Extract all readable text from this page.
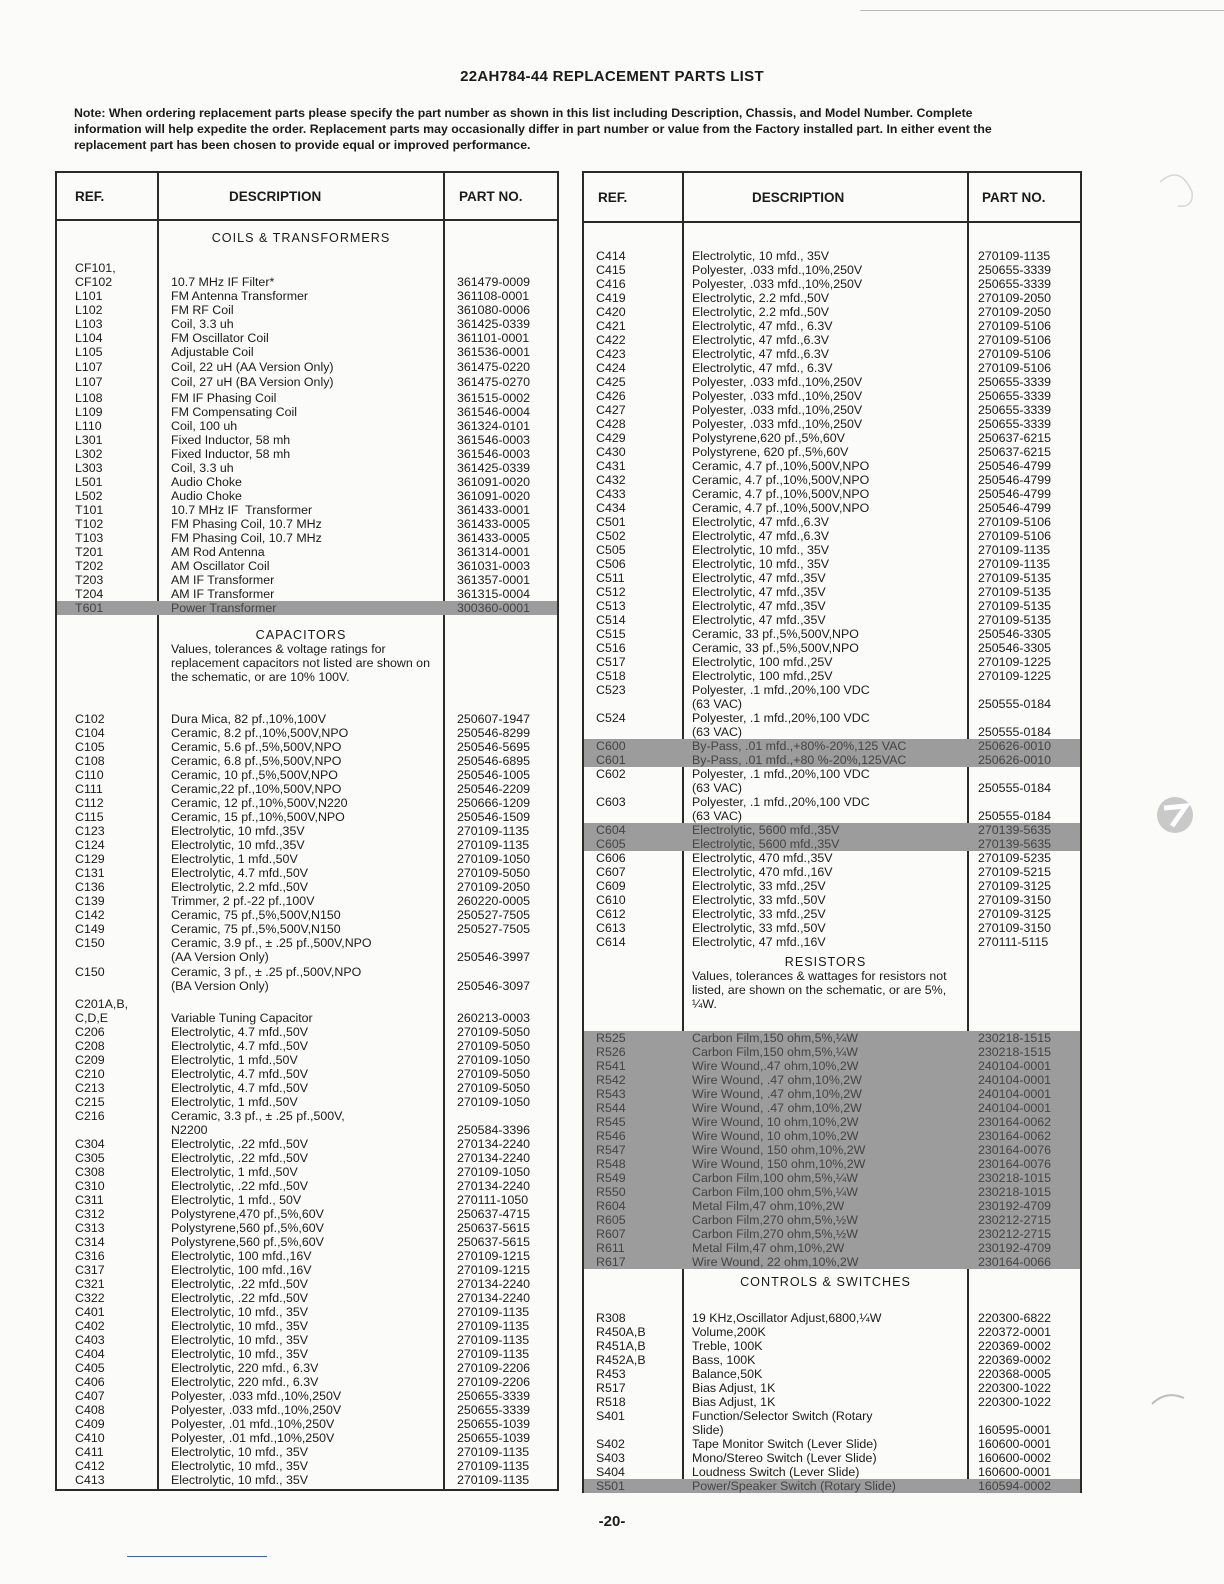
22AH784-44 REPLACEMENT PARTS LIST
Note: When ordering replacement parts please specify the part number as shown in this list including Description, Chassis, and Model Number. Complete information will help expedite the order. Replacement parts may occasionally differ in part number or value from the Factory installed part. In either event the replacement part has been chosen to provide equal or improved performance.
REF.	DESCRIPTION	PART NO.
COILS & TRANSFORMERS
CAPACITORS
Values, tolerances & voltage ratings for replacement capacitors not listed are shown on the schematic, or are 10% 100V.
CF101,
CF102	10.7 MHz IF Filter*	361479-0009
L101	FM Antenna Transformer	361108-0001
L102	FM RF Coil	361080-0006
L103	Coil, 3.3 uh	361425-0339
L104	FM Oscillator Coil	361101-0001
L105	Adjustable Coil	361536-0001
L107	Coil, 22 uH (AA Version Only)	361475-0220
L107	Coil, 27 uH (BA Version Only)	361475-0270
L108	FM IF Phasing Coil	361515-0002
L109	FM Compensating Coil	361546-0004
L110	Coil, 100 uh	361324-0101
L301	Fixed Inductor, 58 mh	361546-0003
L302	Fixed Inductor, 58 mh	361546-0003
L303	Coil, 3.3 uh	361425-0339
L501	Audio Choke	361091-0020
L502	Audio Choke	361091-0020
T101	10.7 MHz IF  Transformer	361433-0001
T102	FM Phasing Coil, 10.7 MHz	361433-0005
T103	FM Phasing Coil, 10.7 MHz	361433-0005
T201	AM Rod Antenna	361314-0001
T202	AM Oscillator Coil	361031-0003
T203	AM IF Transformer	361357-0001
T204	AM IF Transformer	361315-0004
T601	Power Transformer	300360-0001
C102	Dura Mica, 82 pf.,10%,100V	250607-1947
C104	Ceramic, 8.2 pf.,10%,500V,NPO	250546-8299
C105	Ceramic, 5.6 pf.,5%,500V,NPO	250546-5695
C108	Ceramic, 6.8 pf.,5%,500V,NPO	250546-6895
C110	Ceramic, 10 pf.,5%,500V,NPO	250546-1005
C111	Ceramic,22 pf.,10%,500V,NPO	250546-2209
C112	Ceramic, 12 pf.,10%,500V,N220	250666-1209
C115	Ceramic, 15 pf.,10%,500V,NPO	250546-1509
C123	Electrolytic, 10 mfd.,35V	270109-1135
C124	Electrolytic, 10 mfd.,35V	270109-1135
C129	Electrolytic, 1 mfd.,50V	270109-1050
C131	Electrolytic, 4.7 mfd.,50V	270109-5050
C136	Electrolytic, 2.2 mfd.,50V	270109-2050
C139	Trimmer, 2 pf.-22 pf.,100V	260220-0005
C142	Ceramic, 75 pf.,5%,500V,N150	250527-7505
C149	Ceramic, 75 pf.,5%,500V,N150	250527-7505
C150	Ceramic, 3.9 pf., ± .25 pf.,500V,NPO
(AA Version Only)	250546-3997
C150	Ceramic, 3 pf., ± .25 pf.,500V,NPO
(BA Version Only)	250546-3097
C201A,B,
C,D,E	Variable Tuning Capacitor	260213-0003
C206	Electrolytic, 4.7 mfd.,50V	270109-5050
C208	Electrolytic, 4.7 mfd.,50V	270109-5050
C209	Electrolytic, 1 mfd.,50V	270109-1050
C210	Electrolytic, 4.7 mfd.,50V	270109-5050
C213	Electrolytic, 4.7 mfd.,50V	270109-5050
C215	Electrolytic, 1 mfd.,50V	270109-1050
C216	Ceramic, 3.3 pf., ± .25 pf.,500V,
N2200	250584-3396
C304	Electrolytic, .22 mfd.,50V	270134-2240
C305	Electrolytic, .22 mfd.,50V	270134-2240
C308	Electrolytic, 1 mfd.,50V	270109-1050
C310	Electrolytic, .22 mfd.,50V	270134-2240
C311	Electrolytic, 1 mfd., 50V	270111-1050
C312	Polystyrene,470 pf.,5%,60V	250637-4715
C313	Polystyrene,560 pf.,5%,60V	250637-5615
C314	Polystyrene,560 pf.,5%,60V	250637-5615
C316	Electrolytic, 100 mfd.,16V	270109-1215
C317	Electrolytic, 100 mfd.,16V	270109-1215
C321	Electrolytic, .22 mfd.,50V	270134-2240
C322	Electrolytic, .22 mfd.,50V	270134-2240
C401	Electrolytic, 10 mfd., 35V	270109-1135
C402	Electrolytic, 10 mfd., 35V	270109-1135
C403	Electrolytic, 10 mfd., 35V	270109-1135
C404	Electrolytic, 10 mfd., 35V	270109-1135
C405	Electrolytic, 220 mfd., 6.3V	270109-2206
C406	Electrolytic, 220 mfd., 6.3V	270109-2206
C407	Polyester, .033 mfd.,10%,250V	250655-3339
C408	Polyester, .033 mfd.,10%,250V	250655-3339
C409	Polyester, .01 mfd.,10%,250V	250655-1039
C410	Polyester, .01 mfd.,10%,250V	250655-1039
C411	Electrolytic, 10 mfd., 35V	270109-1135
C412	Electrolytic, 10 mfd., 35V	270109-1135
C413	Electrolytic, 10 mfd., 35V	270109-1135
REF.	DESCRIPTION	PART NO.
RESISTORS
Values, tolerances & wattages for resistors not listed, are shown on the schematic, or are 5%, ¼W.
CONTROLS & SWITCHES
C414	Electrolytic, 10 mfd., 35V	270109-1135
C415	Polyester, .033 mfd.,10%,250V	250655-3339
C416	Polyester, .033 mfd.,10%,250V	250655-3339
C419	Electrolytic, 2.2 mfd.,50V	270109-2050
C420	Electrolytic, 2.2 mfd.,50V	270109-2050
C421	Electrolytic, 47 mfd., 6.3V	270109-5106
C422	Electrolytic, 47 mfd.,6.3V	270109-5106
C423	Electrolytic, 47 mfd.,6.3V	270109-5106
C424	Electrolytic, 47 mfd., 6.3V	270109-5106
C425	Polyester, .033 mfd.,10%,250V	250655-3339
C426	Polyester, .033 mfd.,10%,250V	250655-3339
C427	Polyester, .033 mfd.,10%,250V	250655-3339
C428	Polyester, .033 mfd.,10%,250V	250655-3339
C429	Polystyrene,620 pf.,5%,60V	250637-6215
C430	Polystyrene, 620 pf.,5%,60V	250637-6215
C431	Ceramic, 4.7 pf.,10%,500V,NPO	250546-4799
C432	Ceramic, 4.7 pf.,10%,500V,NPO	250546-4799
C433	Ceramic, 4.7 pf.,10%,500V,NPO	250546-4799
C434	Ceramic, 4.7 pf.,10%,500V,NPO	250546-4799
C501	Electrolytic, 47 mfd.,6.3V	270109-5106
C502	Electrolytic, 47 mfd.,6.3V	270109-5106
C505	Electrolytic, 10 mfd., 35V	270109-1135
C506	Electrolytic, 10 mfd., 35V	270109-1135
C511	Electrolytic, 47 mfd.,35V	270109-5135
C512	Electrolytic, 47 mfd.,35V	270109-5135
C513	Electrolytic, 47 mfd.,35V	270109-5135
C514	Electrolytic, 47 mfd.,35V	270109-5135
C515	Ceramic, 33 pf.,5%,500V,NPO	250546-3305
C516	Ceramic, 33 pf.,5%,500V,NPO	250546-3305
C517	Electrolytic, 100 mfd.,25V	270109-1225
C518	Electrolytic, 100 mfd.,25V	270109-1225
C523	Polyester, .1 mfd.,20%,100 VDC
(63 VAC)	250555-0184
C524	Polyester, .1 mfd.,20%,100 VDC
(63 VAC)	250555-0184
C600	By-Pass, .01 mfd.,+80%-20%,125 VAC	250626-0010
C601	By-Pass, .01 mfd.,+80 %-20%,125VAC	250626-0010
C602	Polyester, .1 mfd.,20%,100 VDC
(63 VAC)	250555-0184
C603	Polyester, .1 mfd.,20%,100 VDC
(63 VAC)	250555-0184
C604	Electrolytic, 5600 mfd.,35V	270139-5635
C605	Electrolytic, 5600 mfd.,35V	270139-5635
C606	Electrolytic, 470 mfd.,35V	270109-5235
C607	Electrolytic, 470 mfd.,16V	270109-5215
C609	Electrolytic, 33 mfd.,25V	270109-3125
C610	Electrolytic, 33 mfd.,50V	270109-3150
C612	Electrolytic, 33 mfd.,25V	270109-3125
C613	Electrolytic, 33 mfd.,50V	270109-3150
C614	Electrolytic, 47 mfd.,16V	270111-5115
R525	Carbon Film,150 ohm,5%,¼W	230218-1515
R526	Carbon Film,150 ohm,5%,¼W	230218-1515
R541	Wire Wound,.47 ohm,10%,2W	240104-0001
R542	Wire Wound, .47 ohm,10%,2W	240104-0001
R543	Wire Wound, .47 ohm,10%,2W	240104-0001
R544	Wire Wound, .47 ohm,10%,2W	240104-0001
R545	Wire Wound, 10 ohm,10%,2W	230164-0062
R546	Wire Wound, 10 ohm,10%,2W	230164-0062
R547	Wire Wound, 150 ohm,10%,2W	230164-0076
R548	Wire Wound, 150 ohm,10%,2W	230164-0076
R549	Carbon Film,100 ohm,5%,¼W	230218-1015
R550	Carbon Film,100 ohm,5%,¼W	230218-1015
R604	Metal Film,47 ohm,10%,2W	230192-4709
R605	Carbon Film,270 ohm,5%,½W	230212-2715
R607	Carbon Film,270 ohm,5%,½W	230212-2715
R611	Metal Film,47 ohm,10%,2W	230192-4709
R617	Wire Wound, 22 ohm,10%,2W	230164-0066
R308	19 KHz,Oscillator Adjust,6800,¼W	220300-6822
R450A,B	Volume,200K	220372-0001
R451A,B	Treble, 100K	220369-0002
R452A,B	Bass, 100K	220369-0002
R453	Balance,50K	220368-0005
R517	Bias Adjust, 1K	220300-1022
R518	Bias Adjust, 1K	220300-1022
S401	Function/Selector Switch (Rotary
Slide)	160595-0001
S402	Tape Monitor Switch (Lever Slide)	160600-0001
S403	Mono/Stereo Switch (Lever Slide)	160600-0002
S404	Loudness Switch (Lever Slide)	160600-0001
S501	Power/Speaker Switch (Rotary Slide)	160594-0002
-20-
